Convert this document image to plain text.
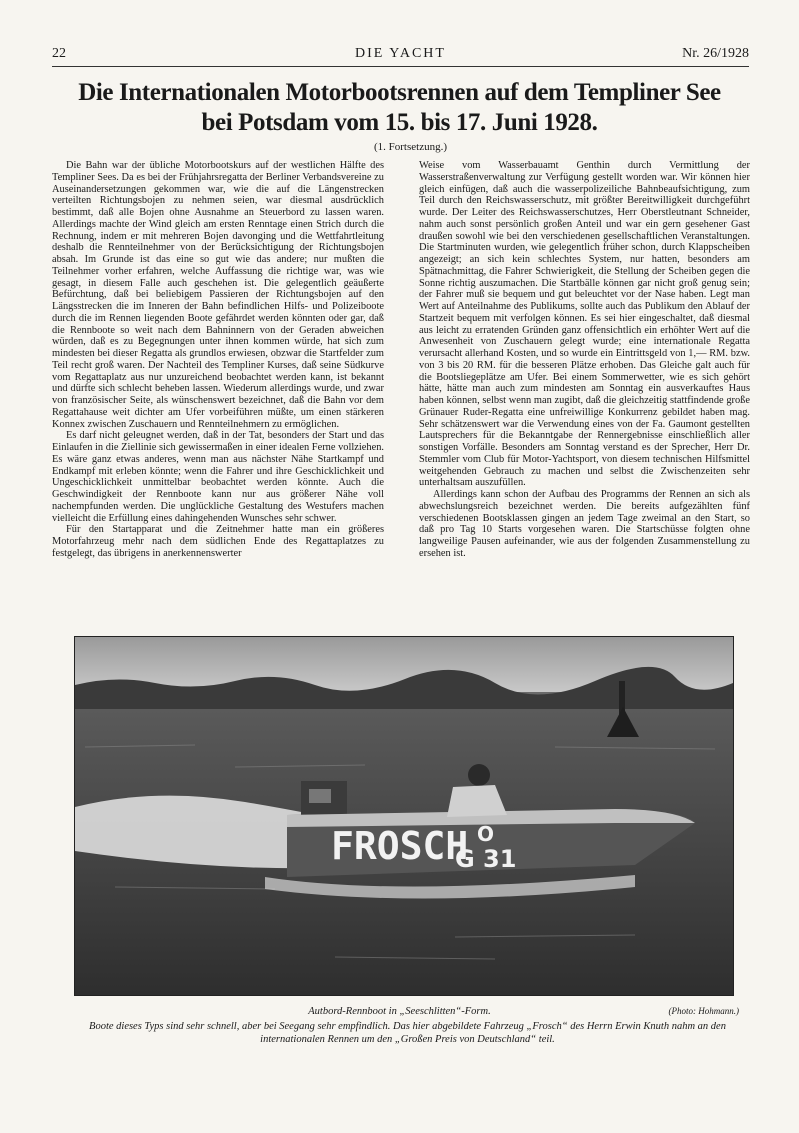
22	DIE YACHT	Nr. 26/1928
Die Internationalen Motorbootsrennen auf dem Templiner See
bei Potsdam vom 15. bis 17. Juni 1928.
(1. Fortsetzung.)

Die Bahn war der übliche Motorbootskurs auf der westlichen Hälfte des Templiner Sees. Da es bei der Frühjahrsregatta der Berliner Verbandsvereine zu Auseinandersetzungen gekommen war, wie die auf die Längenstrecken verteilten Richtungsbojen zu nehmen seien, war diesmal ausdrücklich bestimmt, daß alle Bojen ohne Ausnahme an Steuerbord zu lassen waren. Allerdings machte der Wind gleich am ersten Renntage einen Strich durch die Rechnung, indem er mit mehreren Bojen davonging und die Wettfahrtleitung deshalb die Rennteilnehmer von der Berücksichtigung der Richtungsbojen absah. Im Grunde ist das eine so gut wie das andere; nur mußten die Teilnehmer vorher erfahren, welche Auffassung die richtige war, was wie gesagt, in diesem Falle auch geschehen ist. Die gelegentlich geäußerte Befürchtung, daß bei beliebigem Passieren der Richtungsbojen auf den Längsstrecken die im Inneren der Bahn befindlichen Hilfs- und Polizeiboote durch die im Rennen liegenden Boote gefährdet werden könnten oder gar, daß die Rennboote so weit nach dem Bahninnern von der Geraden abweichen würden, daß es zu Begegnungen unter ihnen kommen würde, hat sich zum mindesten bei dieser Regatta als grundlos erwiesen, obzwar die Startfelder zum Teil recht groß waren. Der Nachteil des Templiner Kurses, daß seine Südkurve vom Regattaplatz aus nur unzureichend beobachtet werden kann, ist bekannt und dürfte sich schlecht beheben lassen. Wiederum allerdings wurde, und zwar von französischer Seite, als wünschenswert bezeichnet, daß die Bahn vor dem Regattahause weit dichter am Ufer vorbeiführen müßte, um einen stärkeren Konnex zwischen Zuschauern und Rennteilnehmern zu ermöglichen.

Es darf nicht geleugnet werden, daß in der Tat, besonders der Start und das Einlaufen in die Ziellinie sich gewissermaßen in einer idealen Ferne vollziehen. Es wäre ganz etwas anderes, wenn man aus nächster Nähe Startkampf und Endkampf mit erleben könnte; wenn die Fahrer und ihre Geschicklichkeit und Ungeschicklichkeit unmittelbar beobachtet werden könnte. Auch die Geschwindigkeit der Rennboote kann nur aus größerer Nähe voll nachempfunden werden. Die unglückliche Gestaltung des Westufers machen vielleicht die Erfüllung eines dahingehenden Wunsches sehr schwer.

Für den Startapparat und die Zeitnehmer hatte man ein größeres Motorfahrzeug mehr nach dem südlichen Ende des Regattaplatzes zu festgelegt, das übrigens in anerkennenswerter

Weise vom Wasserbauamt Genthin durch Vermittlung der Wasserstraßenverwaltung zur Verfügung gestellt worden war. Wir können hier gleich einfügen, daß auch die wasserpolizeiliche Bahnbeaufsichtigung, zum Teil durch den Reichswasserschutz, mit größter Bereitwilligkeit durchgeführt wurde. Der Leiter des Reichswasserschutzes, Herr Oberstleutnant Schneider, nahm auch sonst persönlich großen Anteil und war ein gern gesehener Gast draußen sowohl wie bei den verschiedenen gesellschaftlichen Veranstaltungen. Die Startminuten wurden, wie gelegentlich früher schon, durch Klappscheiben angezeigt; an sich kein schlechtes System, nur hatten, besonders am Spätnachmittag, die Fahrer Schwierigkeit, die Stellung der Scheiben gegen die Sonne richtig auszumachen. Die Startbälle können gar nicht groß genug sein; der Fahrer muß sie bequem und gut beleuchtet vor der Nase haben. Legt man Wert auf Anteilnahme des Publikums, sollte auch das Publikum den Ablauf der Startzeit bequem mit verfolgen können. Es sei hier eingeschaltet, daß diesmal aus leicht zu erratenden Gründen ganz offensichtlich ein erhöhter Wert auf die Anwesenheit von Zuschauern gelegt wurde; eine internationale Regatta verursacht allerhand Kosten, und so wurde ein Eintrittsgeld von 1,— RM. bzw. von 3 bis 20 RM. für die besseren Plätze erhoben. Das Gleiche galt auch für die Bootsliegeplätze am Ufer. Bei einem Sommerwetter, wie es sich gehört hätte, hätte man auch zum mindesten am Sonntag ein ausverkauftes Haus haben können, selbst wenn man zugibt, daß die gleichzeitig stattfindende große Grünauer Ruder-Regatta eine unfreiwillige Konkurrenz gebildet haben mag. Sehr schätzenswert war die Verwendung eines von der Fa. Gaumont gestellten Lautsprechers für die Bekanntgabe der Rennergebnisse einschließlich aller sonstigen Vorfälle. Besonders am Sonntag verstand es der Sprecher, Herr Dr. Stemmler vom Club für Motor-Yachtsport, von diesem technischen Hilfsmittel weitgehenden Gebrauch zu machen und selbst die Zwischenzeiten sehr unterhaltsam auszufüllen.

Allerdings kann schon der Aufbau des Programms der Rennen an sich als abwechslungsreich bezeichnet werden. Die bereits aufgezählten fünf verschiedenen Bootsklassen gingen an jedem Tage zweimal an den Start, so daß pro Tag 10 Starts vorgesehen waren. Die Startschüsse folgten ohne langweilige Pausen aufeinander, wie aus der folgenden Zusammenstellung zu ersehen ist.

FROSCH O
G 31
Autbord-Rennboot in „Seeschlitten“-Form.	(Photo: Hohmann.)
Boote dieses Typs sind sehr schnell, aber bei Seegang sehr empfindlich. Das hier abgebildete Fahrzeug „Frosch“ des Herrn Erwin Knuth nahm an den internationalen Rennen um den „Großen Preis von Deutschland“ teil.
